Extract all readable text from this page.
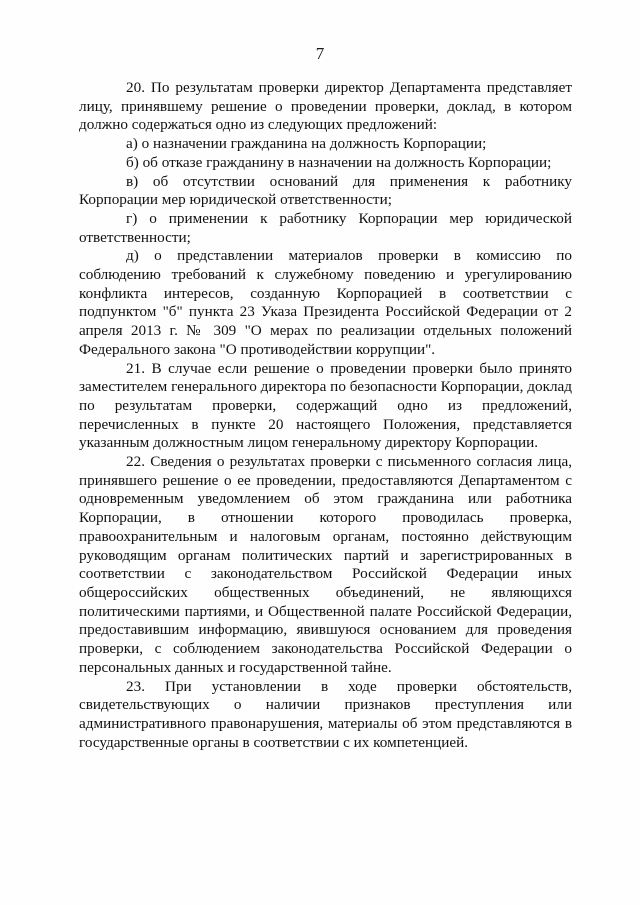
7

20. По результатам проверки директор Департамента представляет лицу, принявшему решение о проведении проверки, доклад, в котором должно содержаться одно из следующих предложений:

а) о назначении гражданина на должность Корпорации;

б) об отказе гражданину в назначении на должность Корпорации;

в) об отсутствии оснований для применения к работнику Корпорации мер юридической ответственности;

г) о применении к работнику Корпорации мер юридической ответственности;

д) о представлении материалов проверки в комиссию по соблюдению требований к служебному поведению и урегулированию конфликта интересов, созданную Корпорацией в соответствии с подпунктом "б" пункта 23 Указа Президента Российской Федерации от 2 апреля 2013 г. № 309 "О мерах по реализации отдельных положений Федерального закона "О противодействии коррупции".

21. В случае если решение о проведении проверки было принято заместителем генерального директора по безопасности Корпорации, доклад по результатам проверки, содержащий одно из предложений, перечисленных в пункте 20 настоящего Положения, представляется указанным должностным лицом генеральному директору Корпорации.

22. Сведения о результатах проверки с письменного согласия лица, принявшего решение о ее проведении, предоставляются Департаментом с одновременным уведомлением об этом гражданина или работника Корпорации, в отношении которого проводилась проверка, правоохранительным и налоговым органам, постоянно действующим руководящим органам политических партий и зарегистрированных в соответствии с законодательством Российской Федерации иных общероссийских общественных объединений, не являющихся политическими партиями, и Общественной палате Российской Федерации, предоставившим информацию, явившуюся основанием для проведения проверки, с соблюдением законодательства Российской Федерации о персональных данных и государственной тайне.

23. При установлении в ходе проверки обстоятельств, свидетельствующих о наличии признаков преступления или административного правонарушения, материалы об этом представляются в государственные органы в соответствии с их компетенцией.
